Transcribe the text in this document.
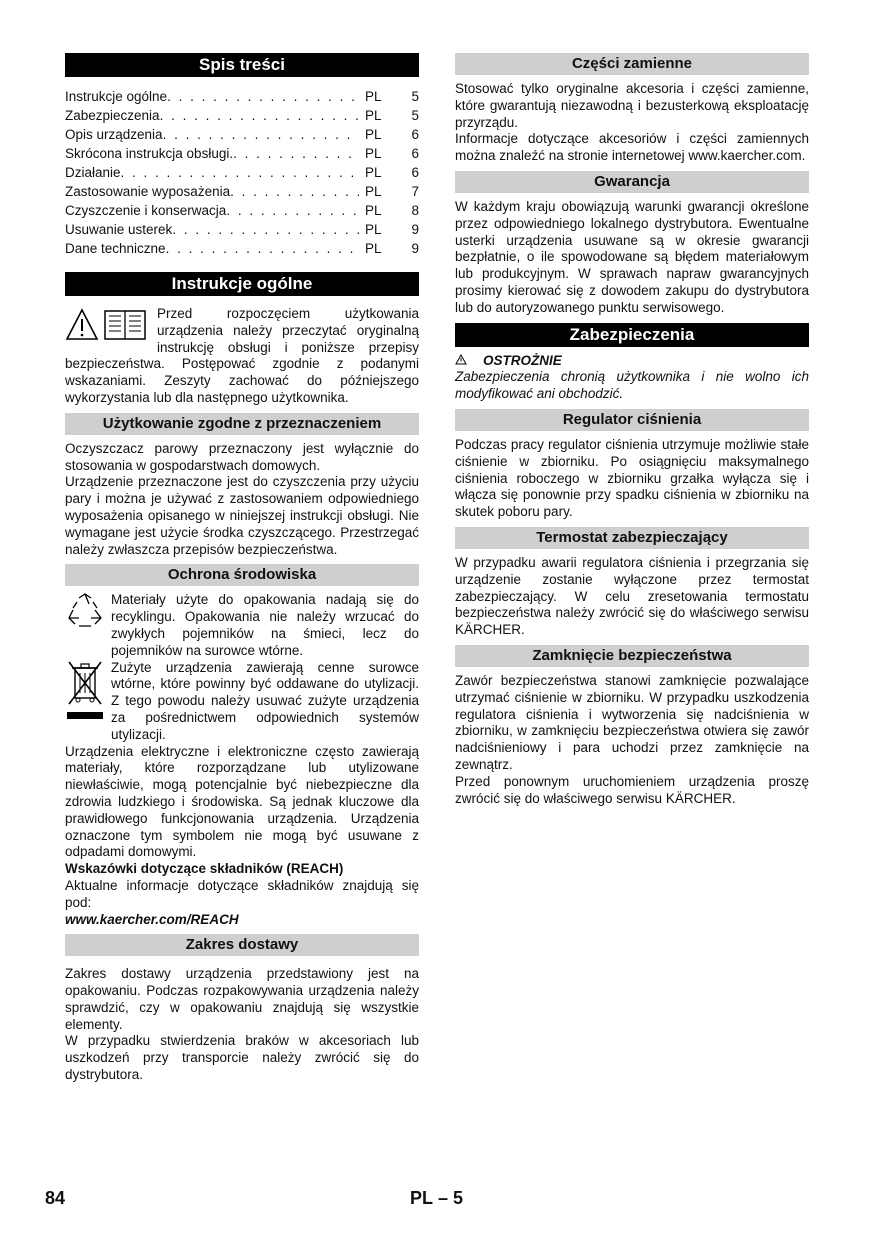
Spis treści
Instrukcje ogólne . . .	PL	5
Zabezpieczenia . . .	PL	5
Opis urządzenia . . .	PL	6
Skrócona instrukcja obsługi. . . .	PL	6
Działanie . . .	PL	6
Zastosowanie wyposażenia . . .	PL	7
Czyszczenie i konserwacja . . .	PL	8
Usuwanie usterek . . .	PL	9
Dane techniczne . . .	PL	9
Instrukcje ogólne

Przed rozpoczęciem użytkowania urządzenia należy przeczytać oryginalną instrukcję obsługi i poniższe przepisy bezpieczeństwa. Postępować zgodnie z podanymi wskazaniami. Zeszyty zachować do późniejszego wykorzystania lub dla następnego użytkownika.

Użytkowanie zgodne z przeznaczeniem

Oczyszczacz parowy przeznaczony jest wyłącznie do stosowania w gospodarstwach domowych.

Urządzenie przeznaczone jest do czyszczenia przy użyciu pary i można je używać z zastosowaniem odpowiedniego wyposażenia opisanego w niniejszej instrukcji obsługi. Nie wymagane jest użycie środka czyszczącego. Przestrzegać należy zwłaszcza przepisów bezpieczeństwa.

Ochrona środowiska

Materiały użyte do opakowania nadają się do recyklingu. Opakowania nie należy wrzucać do zwykłych pojemników na śmieci, lecz do pojemników na surowce wtórne.

Zużyte urządzenia zawierają cenne surowce wtórne, które powinny być oddawane do utylizacji. Z tego powodu należy usuwać zużyte urządzenia za pośrednictwem odpowiednich systemów utylizacji.

Urządzenia elektryczne i elektroniczne często zawierają materiały, które rozporządzane lub utylizowane niewłaściwie, mogą potencjalnie być niebezpieczne dla zdrowia ludzkiego i środowiska. Są jednak kluczowe dla prawidłowego funkcjonowania urządzenia. Urządzenia oznaczone tym symbolem nie mogą być usuwane z odpadami domowymi.

Wskazówki dotyczące składników (REACH)

Aktualne informacje dotyczące składników znajdują się pod:

www.kaercher.com/REACH

Zakres dostawy

Zakres dostawy urządzenia przedstawiony jest na opakowaniu. Podczas rozpakowywania urządzenia należy sprawdzić, czy w opakowaniu znajdują się wszystkie elementy.

W przypadku stwierdzenia braków w akcesoriach lub uszkodzeń przy transporcie należy zwrócić się do dystrybutora.

Części zamienne

Stosować tylko oryginalne akcesoria i części zamienne, które gwarantują niezawodną i bezusterkową eksploatację przyrządu.

Informacje dotyczące akcesoriów i części zamiennych można znaleźć na stronie internetowej www.kaercher.com.

Gwarancja

W każdym kraju obowiązują warunki gwarancji określone przez odpowiedniego lokalnego dystrybutora. Ewentualne usterki urządzenia usuwane są w okresie gwarancji bezpłatnie, o ile spowodowane są błędem materiałowym lub produkcyjnym. W sprawach napraw gwarancyjnych prosimy kierować się z dowodem zakupu do dystrybutora lub do autoryzowanego punktu serwisowego.

Zabezpieczenia

OSTROŻNIE

Zabezpieczenia chronią użytkownika i nie wolno ich modyfikować ani obchodzić.

Regulator ciśnienia

Podczas pracy regulator ciśnienia utrzymuje możliwie stałe ciśnienie w zbiorniku. Po osiągnięciu maksymalnego ciśnienia roboczego w zbiorniku grzałka wyłącza się i włącza się ponownie przy spadku ciśnienia w zbiorniku na skutek poboru pary.

Termostat zabezpieczający

W przypadku awarii regulatora ciśnienia i przegrzania się urządzenie zostanie wyłączone przez termostat zabezpieczający. W celu zresetowania termostatu bezpieczeństwa należy zwrócić się do właściwego serwisu KÄRCHER.

Zamknięcie bezpieczeństwa

Zawór bezpieczeństwa stanowi zamknięcie pozwalające utrzymać ciśnienie w zbiorniku. W przypadku uszkodzenia regulatora ciśnienia i wytworzenia się nadciśnienia w zbiorniku, w zamknięciu bezpieczeństwa otwiera się zawór nadciśnieniowy i para uchodzi przez zamknięcie na zewnątrz.

Przed ponownym uruchomieniem urządzenia proszę zwrócić się do właściwego serwisu KÄRCHER.

84	PL – 5
